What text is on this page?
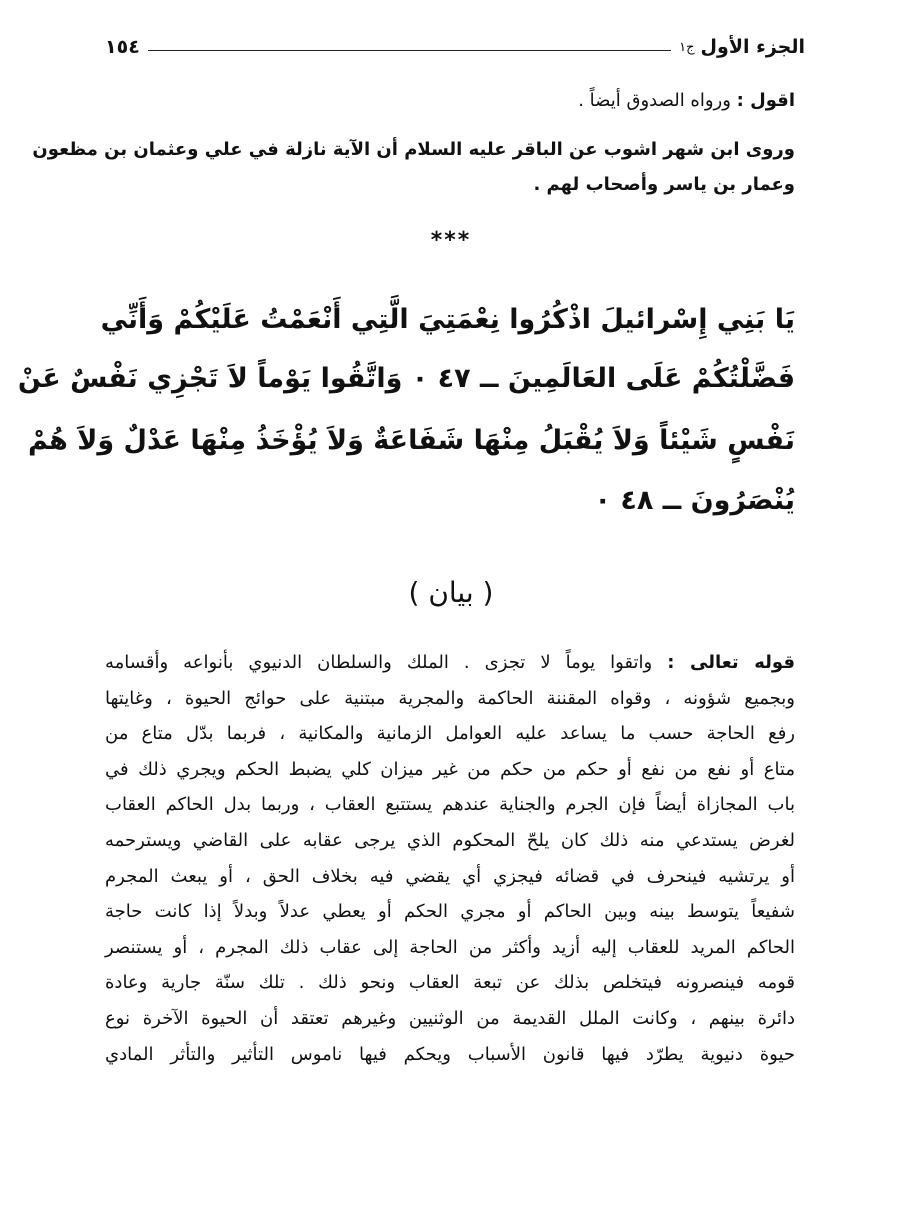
الجزء الأول
ج١
١٥٤
اقول : ورواه الصدوق أيضاً .
وروى ابن شهر اشوب عن الباقر عليه السلام أن الآية نازلة في علي وعثمان بن مظعون
وعمار بن ياسر وأصحاب لهم .
***
يَا بَنِي إِسْرائيلَ اذْكُرُوا نِعْمَتِيَ الَّتِي أَنْعَمْتُ عَلَيْكُمْ وَأَنِّي
فَضَّلْتُكُمْ عَلَى العَالَمِينَ ــ ٤٧ ٠ وَاتَّقُوا يَوْماً لاَ تَجْزِي نَفْسٌ عَنْ
نَفْسٍ شَيْئاً وَلاَ يُقْبَلُ مِنْهَا شَفَاعَةٌ وَلاَ يُؤْخَذُ مِنْهَا عَدْلٌ وَلاَ هُمْ
يُنْصَرُونَ ــ ٤٨ ٠
( بيان )
قوله تعالى : واتقوا يوماً لا تجزى . الملك والسلطان الدنيوي بأنواعه وأقسامه
وبجميع شؤونه ، وقواه المقننة الحاكمة والمجرية مبتنية على حوائج الحيوة ، وغايتها
رفع الحاجة حسب ما يساعد عليه العوامل الزمانية والمكانية ، فربما بدّل متاع من
متاع أو نفع من نفع أو حكم من حكم من غير ميزان كلي يضبط الحكم ويجري ذلك في
باب المجازاة أيضاً فإن الجرم والجناية عندهم يستتبع العقاب ، وربما بدل الحاكم العقاب
لغرض يستدعي منه ذلك كان يلحّ المحكوم الذي يرجى عقابه على القاضي ويسترحمه
أو يرتشيه فينحرف في قضائه فيجزي أي يقضي فيه بخلاف الحق ، أو يبعث المجرم
شفيعاً يتوسط بينه وبين الحاكم أو مجري الحكم أو يعطي عدلاً وبدلاً إذا كانت حاجة
الحاكم المريد للعقاب إليه أزيد وأكثر من الحاجة إلى عقاب ذلك المجرم ، أو يستنصر
قومه فينصرونه فيتخلص بذلك عن تبعة العقاب ونحو ذلك . تلك سنّة جارية وعادة
دائرة بينهم ، وكانت الملل القديمة من الوثنيين وغيرهم تعتقد أن الحيوة الآخرة نوع
حيوة دنيوية يطرّد فيها قانون الأسباب ويحكم فيها ناموس التأثير والتأثر المادي
